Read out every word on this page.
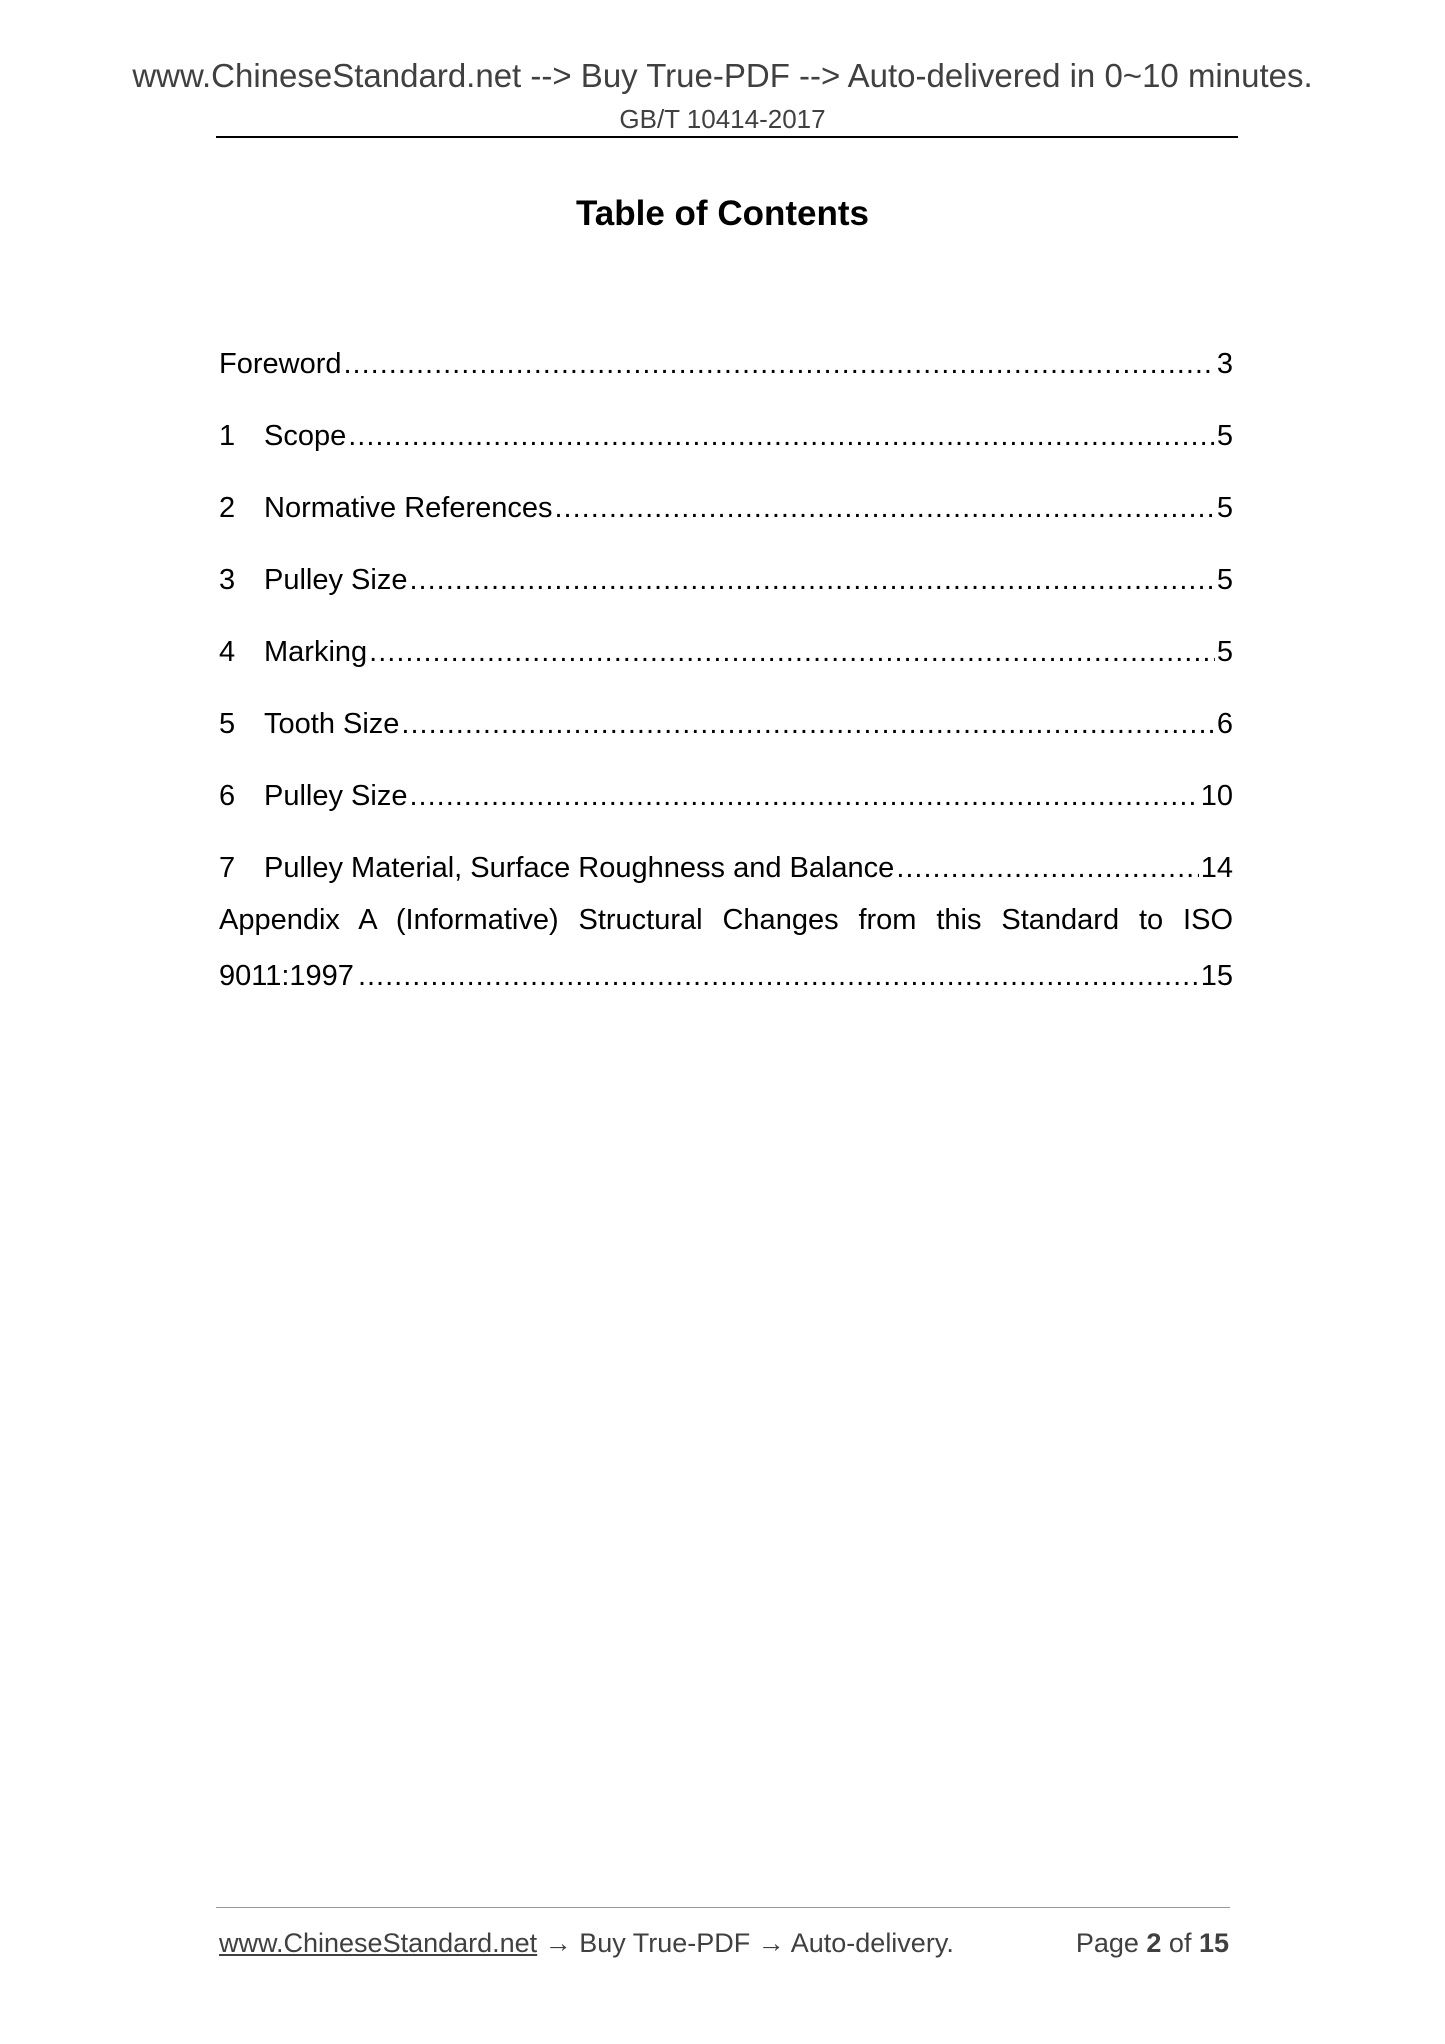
www.ChineseStandard.net --> Buy True-PDF --> Auto-delivered in 0~10 minutes.
GB/T 10414-2017
Table of Contents
Foreword .....	3
1 Scope .....	5
2 Normative References .....	5
3 Pulley Size .....	5
4 Marking .....	5
5 Tooth Size .....	6
6 Pulley Size .....	10
7 Pulley Material, Surface Roughness and Balance .....	14
Appendix A (Informative) Structural Changes from this Standard to ISO
9011:1997 .....	15
www.ChineseStandard.net → Buy True-PDF → Auto-delivery.	Page 2 of 15
